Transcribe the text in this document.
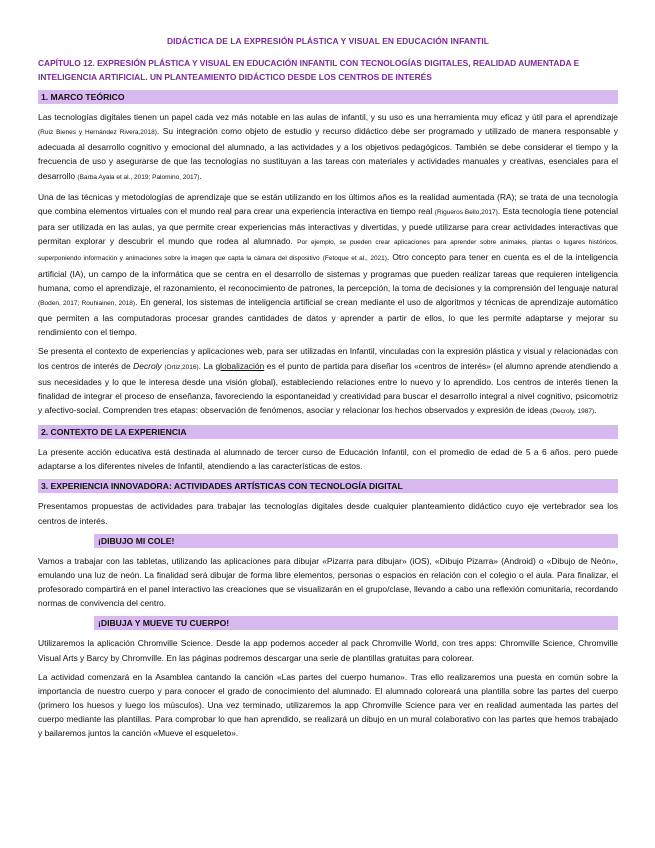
DIDÁCTICA DE LA EXPRESIÓN PLÁSTICA Y VISUAL EN EDUCACIÓN INFANTIL
CAPÍTULO 12. EXPRESIÓN PLÁSTICA Y VISUAL EN EDUCACIÓN INFANTIL CON TECNOLOGÍAS DIGITALES, REALIDAD AUMENTADA E INTELIGENCIA ARTIFICIAL. UN PLANTEAMIENTO DIDÁCTICO DESDE LOS CENTROS DE INTERÉS
1. MARCO TEÓRICO

Las tecnologías digitales tienen un papel cada vez más notable en las aulas de infantil, y su uso es una herramienta muy eficaz y útil para el aprendizaje (Ruiz Bienes y Hernández Rivera,2018). Su integración como objeto de estudio y recurso didáctico debe ser programado y utilizado de manera responsable y adecuada al desarrollo cognitivo y emocional del alumnado, a las actividades y a los objetivos pedagógicos. También se debe considerar el tiempo y la frecuencia de uso y asegurarse de que las tecnologías no sustituyan a las tareas con materiales y actividades manuales y creativas, esenciales para el desarrollo (Barba Ayala et al., 2019; Palomino, 2017).

Una de las técnicas y metodologías de aprendizaje que se están utilizando en los últimos años es la realidad aumentada (RA); se trata de una tecnología que combina elementos virtuales con el mundo real para crear una experiencia interactiva en tiempo real (Rigueros Bello,2017). Esta tecnología tiene potencial para ser utilizada en las aulas, ya que permite crear experiencias más interactivas y divertidas, y puede utilizarse para crear actividades interactivas que permitan explorar y descubrir el mundo que rodea al alumnado. Por ejemplo, se pueden crear aplicaciones para aprender sobre animales, plantas o lugares históricos, superponiendo información y animaciones sobre la imagen que capta la cámara del dispositivo (Fetoque et al., 2021). Otro concepto para tener en cuenta es el de la inteligencia artificial (IA), un campo de la informática que se centra en el desarrollo de sistemas y programas que pueden realizar tareas que requieren inteligencia humana, como el aprendizaje, el razonamiento, el reconocimiento de patrones, la percepción, la toma de decisiones y la comprensión del lenguaje natural (Boden, 2017; Rouhiainen, 2018). En general, los sistemas de inteligencia artificial se crean mediante el uso de algoritmos y técnicas de aprendizaje automático que permiten a las computadoras procesar grandes cantidades de datos y aprender a partir de ellos, lo que les permite adaptarse y mejorar su rendimiento con el tiempo.

Se presenta el contexto de experiencias y aplicaciones web, para ser utilizadas en Infantil, vinculadas con la expresión plástica y visual y relacionadas con los centros de interés de Decroly (Ortiz,2016). La globalización es el punto de partida para diseñar los «centros de interés» (el alumno aprende atendiendo a sus necesidades y lo que le interesa desde una visión global), estableciendo relaciones entre lo nuevo y lo aprendido. Los centros de interés tienen la finalidad de integrar el proceso de enseñanza, favoreciendo la espontaneidad y creatividad para buscar el desarrollo integral a nivel cognitivo, psicomotriz y afectivo-social. Comprenden tres etapas: observación de fenómenos, asociar y relacionar los hechos observados y expresión de ideas (Decroly, 1987).

2. CONTEXTO DE LA EXPERIENCIA

La presente acción educativa está destinada al alumnado de tercer curso de Educación Infantil, con el promedio de edad de 5 a 6 años. pero puede adaptarse a los diferentes niveles de Infantil, atendiendo a las características de estos.

3. EXPERIENCIA INNOVADORA: ACTIVIDADES ARTÍSTICAS CON TECNOLOGÍA DIGITAL

Presentamos propuestas de actividades para trabajar las tecnologías digitales desde cualquier planteamiento didáctico cuyo eje vertebrador sea los centros de interés.

¡DIBUJO MI COLE!

Vamos a trabajar con las tabletas, utilizando las aplicaciones para dibujar «Pizarra para dibujar» (iOS), «Dibujo Pizarra» (Android) o «Dibujo de Neón», emulando una luz de neón. La finalidad será dibujar de forma libre elementos, personas o espacios en relación con el colegio o el aula. Para finalizar, el profesorado compartirá en el panel interactivo las creaciones que se visualizarán en el grupo/clase, llevando a cabo una reflexión comunitaria, recordando normas de convivencia del centro.

¡DIBUJA Y MUEVE TU CUERPO!

Utilizaremos la aplicación Chromville Science. Desde la app podemos acceder al pack Chromville World, con tres apps: Chromville Science, Chromville Visual Arts y Barcy by Chromville. En las páginas podremos descargar una serie de plantillas gratuitas para colorear.

La actividad comenzará en la Asamblea cantando la canción «Las partes del cuerpo humano». Tras ello realizaremos una puesta en común sobre la importancia de nuestro cuerpo y para conocer el grado de conocimiento del alumnado. El alumnado coloreará una plantilla sobre las partes del cuerpo (primero los huesos y luego los músculos). Una vez terminado, utilizaremos la app Chromville Science para ver en realidad aumentada las partes del cuerpo mediante las plantillas. Para comprobar lo que han aprendido, se realizará un dibujo en un mural colaborativo con las partes que hemos trabajado y bailaremos juntos la canción «Mueve el esqueleto».
